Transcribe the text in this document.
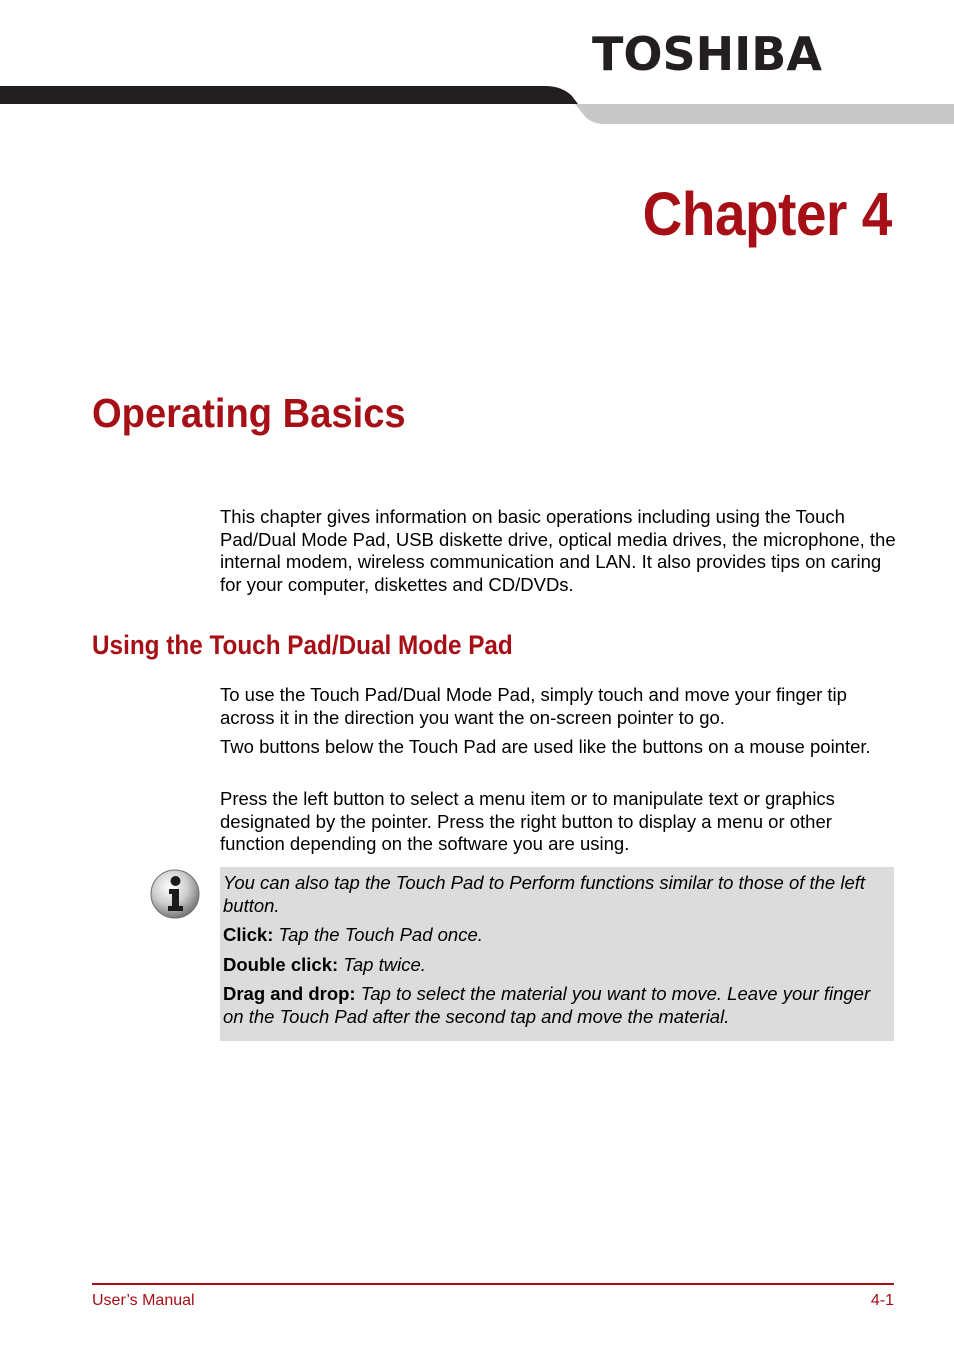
TOSHIBA
Chapter 4
Operating Basics

This chapter gives information on basic operations including using the Touch Pad/Dual Mode Pad, USB diskette drive, optical media drives, the microphone, the internal modem, wireless communication and LAN. It also provides tips on caring for your computer, diskettes and CD/DVDs.

Using the Touch Pad/Dual Mode Pad

To use the Touch Pad/Dual Mode Pad, simply touch and move your finger tip across it in the direction you want the on-screen pointer to go.

Two buttons below the Touch Pad are used like the buttons on a mouse pointer.

Press the left button to select a menu item or to manipulate text or graphics designated by the pointer. Press the right button to display a menu or other function depending on the software you are using.

You can also tap the Touch Pad to Perform functions similar to those of the left button.

Click: Tap the Touch Pad once.

Double click: Tap twice.

Drag and drop: Tap to select the material you want to move. Leave your finger on the Touch Pad after the second tap and move the material.

User’s Manual	4-1
